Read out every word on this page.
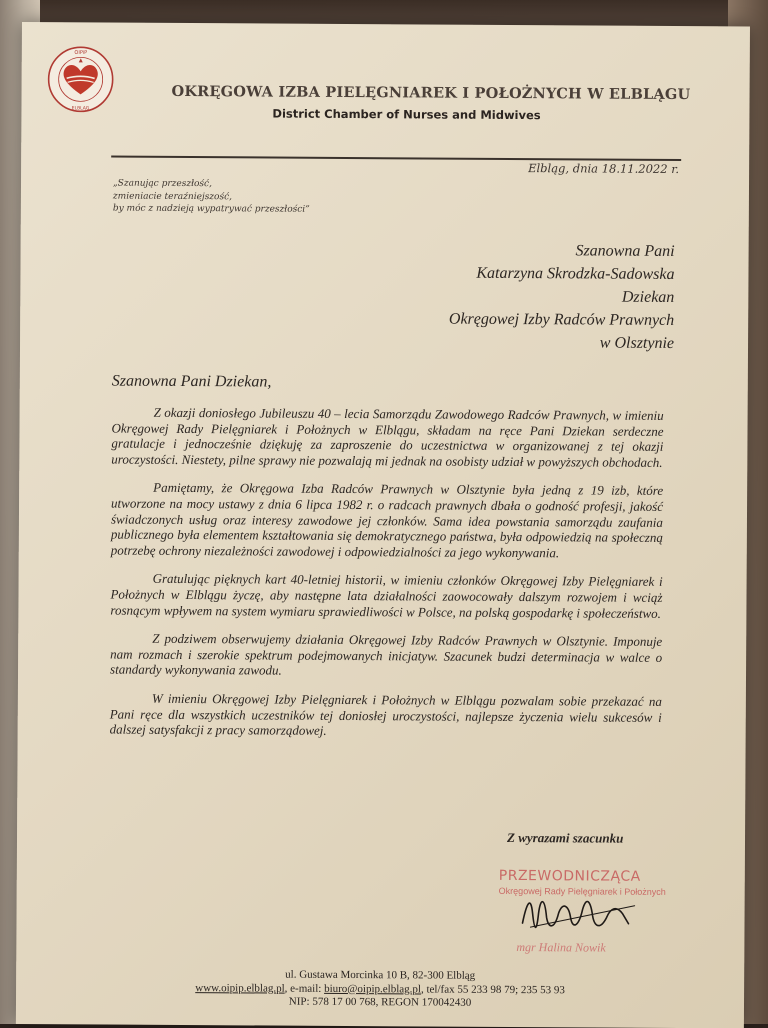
OIPiP
ELBLĄG
OKRĘGOWA IZBA PIELĘGNIAREK I POŁOŻNYCH W ELBLĄGU
District Chamber of Nurses and Midwives
Elbląg, dnia 18.11.2022 r.
„Szanując przeszłość,
zmieniacie teraźniejszość,
by móc z nadzieją wypatrywać przeszłości”
Szanowna Pani
Katarzyna Skrodzka-Sadowska
Dziekan
Okręgowej Izby Radców Prawnych
w Olsztynie
Szanowna Pani Dziekan,

Z okazji doniosłego Jubileuszu 40 – lecia Samorządu Zawodowego Radców Prawnych, w imieniu Okręgowej Rady Pielęgniarek i Położnych w Elblągu, składam na ręce Pani Dziekan serdeczne gratulacje i jednocześnie dziękuję za zaproszenie do uczestnictwa w organizowanej z tej okazji uroczystości. Niestety, pilne sprawy nie pozwalają mi jednak na osobisty udział w powyższych obchodach.

Pamiętamy, że Okręgowa Izba Radców Prawnych w Olsztynie była jedną z 19 izb, które utworzone na mocy ustawy z dnia 6 lipca 1982 r. o radcach prawnych dbała o godność profesji, jakość świadczonych usług oraz interesy zawodowe jej członków. Sama idea powstania samorządu zaufania publicznego była elementem kształtowania się demokratycznego państwa, była odpowiedzią na społeczną potrzebę ochrony niezależności zawodowej i odpowiedzialności za jego wykonywania.

Gratulując pięknych kart 40-letniej historii, w imieniu członków Okręgowej Izby Pielęgniarek i Położnych w Elblągu życzę, aby następne lata działalności zaowocowały dalszym rozwojem i wciąż rosnącym wpływem na system wymiaru sprawiedliwości w Polsce, na polską gospodarkę i społeczeństwo.

Z podziwem obserwujemy działania Okręgowej Izby Radców Prawnych w Olsztynie. Imponuje nam rozmach i szerokie spektrum podejmowanych inicjatyw. Szacunek budzi determinacja w walce o standardy wykonywania zawodu.

W imieniu Okręgowej Izby Pielęgniarek i Położnych w Elblągu pozwalam sobie przekazać na Pani ręce dla wszystkich uczestników tej doniosłej uroczystości, najlepsze życzenia wielu sukcesów i dalszej satysfakcji z pracy samorządowej.

Z wyrazami szacunku
PRZEWODNICZĄCA
Okręgowej Rady Pielęgniarek i Położnych
mgr Halina Nowik
ul. Gustawa Morcinka 10 B, 82-300 Elbląg
www.oipip.elblag.pl, e-mail: biuro@oipip.elblag.pl, tel/fax 55 233 98 79; 235 53 93
NIP: 578 17 00 768, REGON 170042430
